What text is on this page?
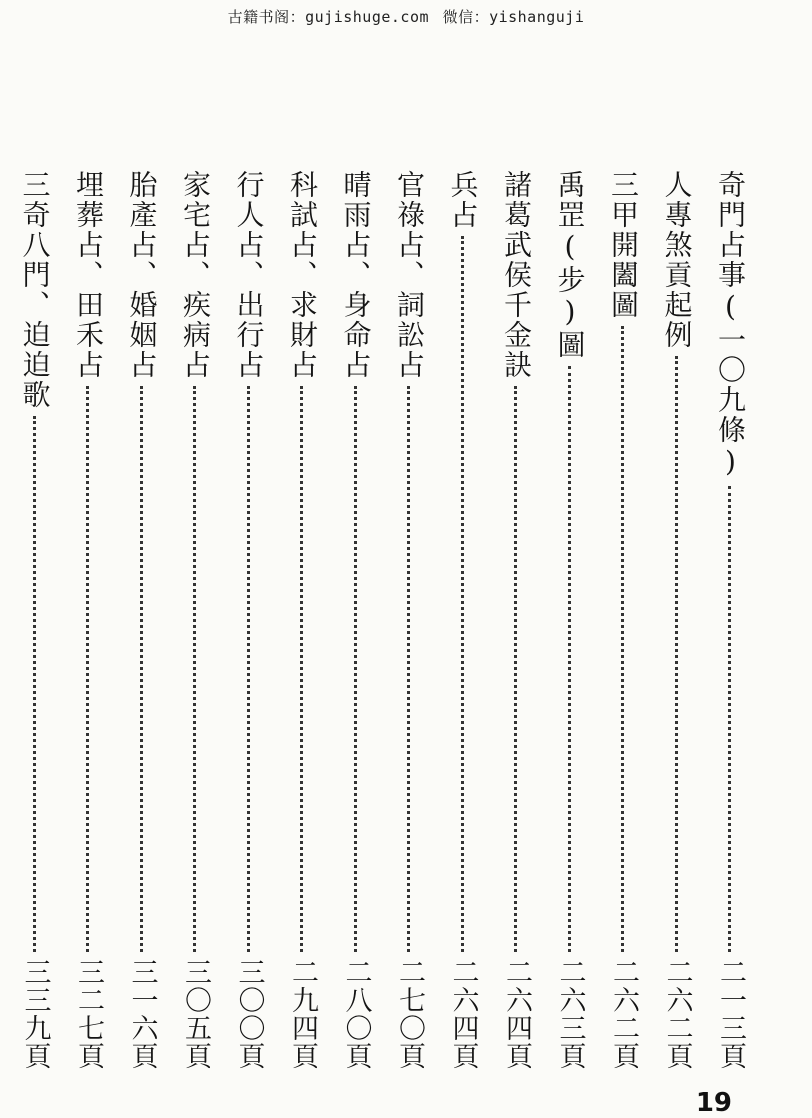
古籍书阁：gujishuge.com 微信：yishanguji
奇門占事(一〇九條)
二一三頁
人專煞貢起例
二六二頁
三甲開闔圖
二六二頁
禹罡(步)圖
二六三頁
諸葛武侯千金訣
二六四頁
兵占
二六四頁
官祿占、詞訟占
二七〇頁
晴雨占、身命占
二八〇頁
科試占、求財占
二九四頁
行人占、出行占
三〇〇頁
家宅占、疾病占
三〇五頁
胎產占、婚姻占
三一六頁
埋葬占、田禾占
三二七頁
三奇八門、迫迫歌
三三九頁
19
